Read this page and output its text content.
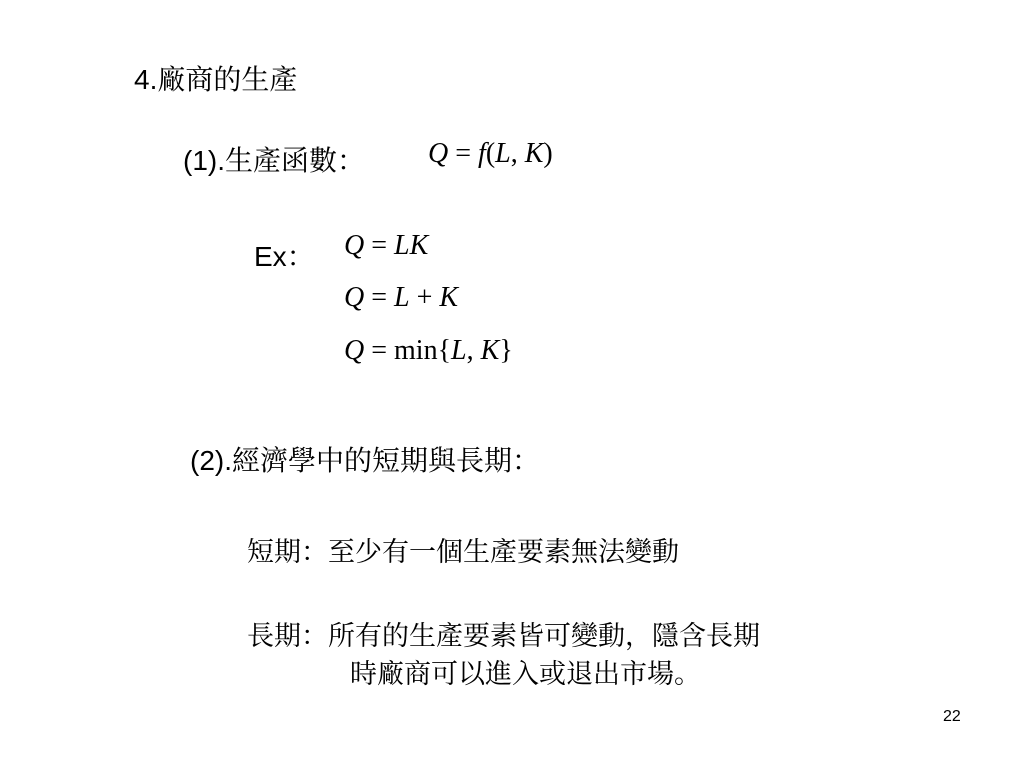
4.廠商的生產
(1).生產函數： Q = f(L, K)
Ex： Q = LK
Q = L + K
Q = min{L, K}
(2).經濟學中的短期與長期：
短期：至少有一個生產要素無法變動
長期：所有的生產要素皆可變動，隱含長期
時廠商可以進入或退出市場。
22
